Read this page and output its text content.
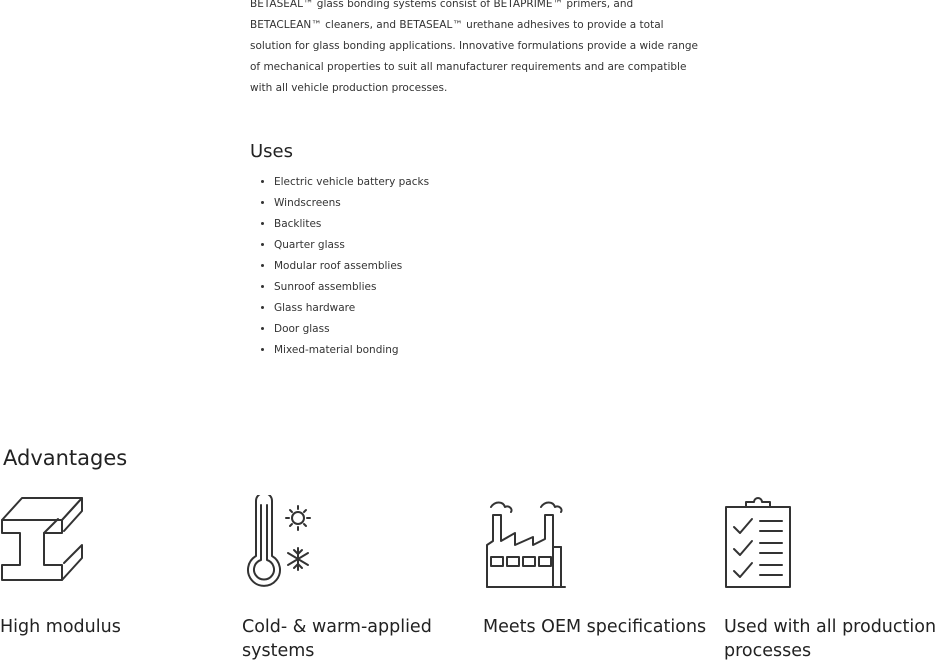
BETASEAL™ glass bonding systems consist of BETAPRIME™ primers, and BETACLEAN™ cleaners, and BETASEAL™ urethane adhesives to provide a total solution for glass bonding applications. Innovative formulations provide a wide range of mechanical properties to suit all manufacturer requirements and are compatible with all vehicle production processes.
Uses
• Electric vehicle battery packs
• Windscreens
• Backlites
• Quarter glass
• Modular roof assemblies
• Sunroof assemblies
• Glass hardware
• Door glass
• Mixed-material bonding
Advantages
High modulus	Cold- & warm-applied systems
Meets OEM specifications	Used with all production processes
